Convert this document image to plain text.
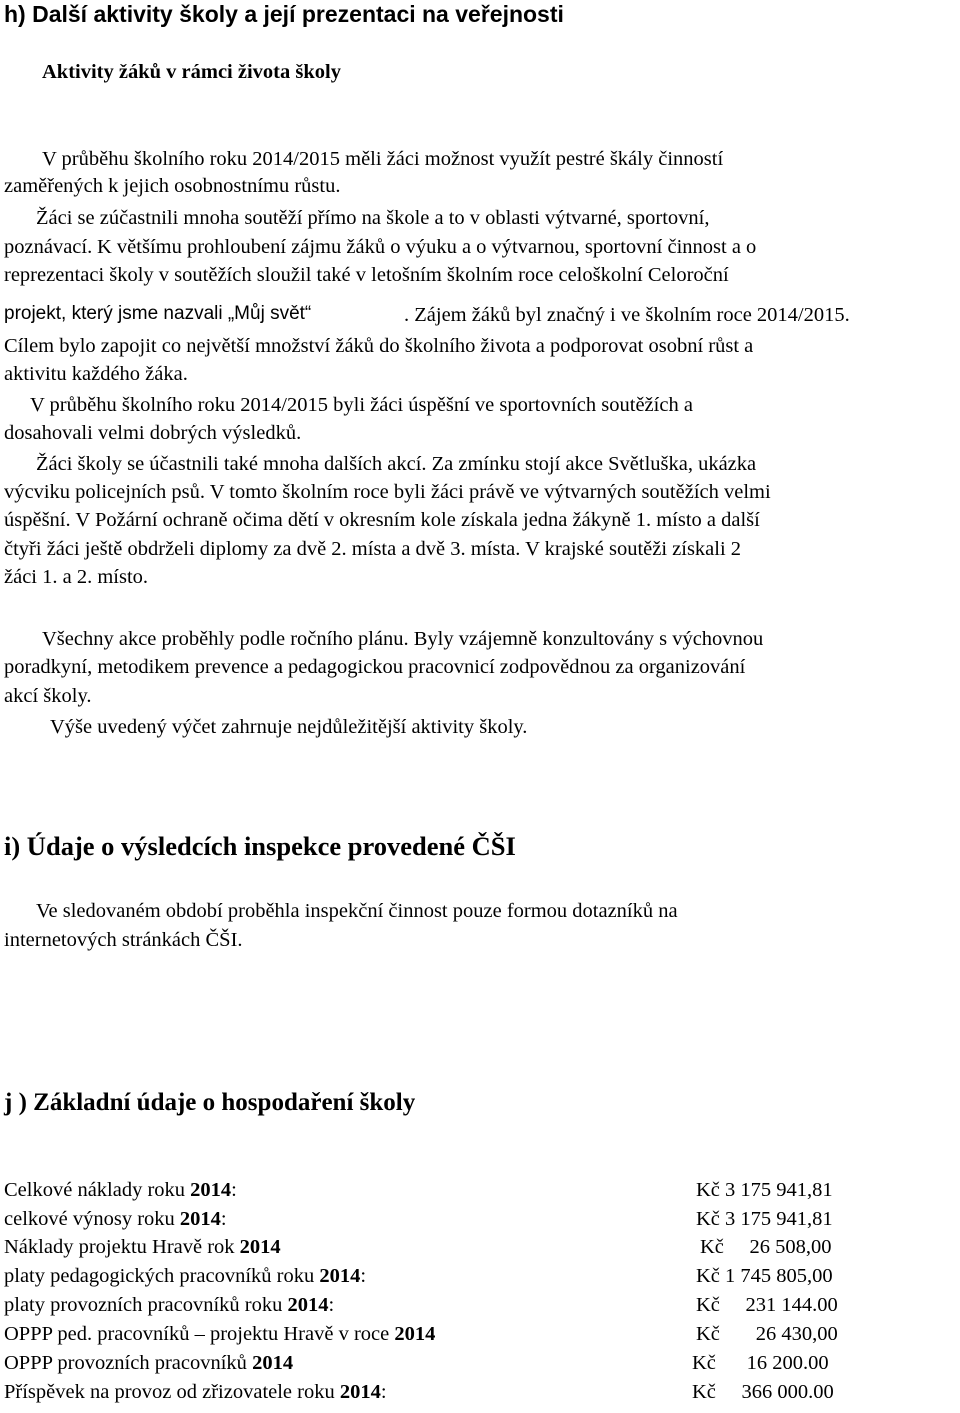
h) Další aktivity školy a její prezentaci na veřejnosti
Aktivity žáků v rámci života školy
V průběhu školního roku 2014/2015 měli žáci možnost využít pestré škály činností
zaměřených k jejich osobnostnímu růstu.
Žáci se zúčastnili mnoha soutěží přímo na škole a to v oblasti výtvarné, sportovní,
poznávací. K většímu prohloubení zájmu žáků o výuku a o výtvarnou, sportovní činnost a o
reprezentaci školy v soutěžích sloužil také v letošním školním roce celoškolní Celoroční
projekt, který jsme nazvali „Můj svět“	. Zájem žáků byl značný i ve školním roce 2014/2015.
Cílem bylo zapojit co největší množství žáků do školního života a podporovat osobní růst a
aktivitu každého žáka.
V průběhu školního roku 2014/2015 byli žáci úspěšní ve sportovních soutěžích a
dosahovali velmi dobrých výsledků.
Žáci školy se účastnili také mnoha dalších akcí. Za zmínku stojí akce Světluška, ukázka
výcviku policejních psů. V tomto školním roce byli žáci právě ve výtvarných soutěžích velmi
úspěšní. V Požární ochraně očima dětí v okresním kole získala jedna žákyně 1. místo a další
čtyři žáci ještě obdrželi diplomy za dvě 2. místa a dvě 3. místa. V krajské soutěži získali 2
žáci 1. a 2. místo.
Všechny akce proběhly podle ročního plánu. Byly vzájemně konzultovány s výchovnou
poradkyní, metodikem prevence a pedagogickou pracovnicí zodpovědnou za organizování
akcí školy.
Výše uvedený výčet zahrnuje nejdůležitější aktivity školy.
i) Údaje o výsledcích inspekce provedené ČŠI
Ve sledovaném období proběhla inspekční činnost pouze formou dotazníků na
internetových stránkách ČŠI.
j ) Základní údaje o hospodaření školy
Celkové náklady roku 2014:	Kč 3 175 941,81
celkové výnosy roku 2014:	Kč 3 175 941,81
Náklady projektu Hravě rok 2014	Kč     26 508,00
platy pedagogických pracovníků roku 2014:	Kč 1 745 805,00
platy provozních pracovníků roku 2014:	Kč     231 144.00
OPPP ped. pracovníků – projektu Hravě v roce 2014	Kč       26 430,00
OPPP provozních pracovníků 2014	Kč      16 200.00
Příspěvek na provoz od zřizovatele roku 2014:	Kč     366 000.00
